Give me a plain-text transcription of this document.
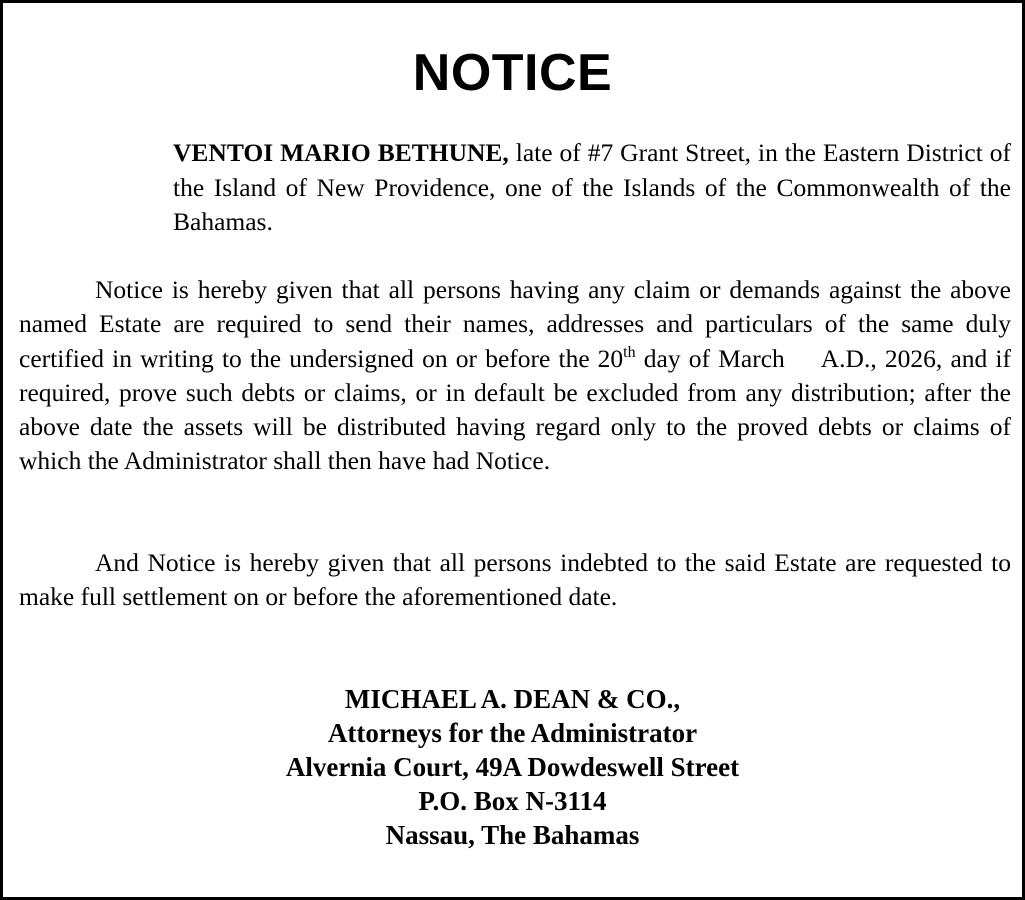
NOTICE

VENTOI MARIO BETHUNE, late of #7 Grant Street, in the Eastern District of the Island of New Providence, one of the Islands of the Commonwealth of the Bahamas.

Notice is hereby given that all persons having any claim or demands against the above named Estate are required to send their names, addresses and particulars of the same duly certified in writing to the undersigned on or before the 20th day of March A.D., 2026, and if required, prove such debts or claims, or in default be excluded from any distribution; after the above date the assets will be distributed having regard only to the proved debts or claims of which the Administrator shall then have had Notice.

And Notice is hereby given that all persons indebted to the said Estate are requested to make full settlement on or before the aforementioned date.

MICHAEL A. DEAN & CO.,
Attorneys for the Administrator
Alvernia Court, 49A Dowdeswell Street
P.O. Box N-3114
Nassau, The Bahamas
